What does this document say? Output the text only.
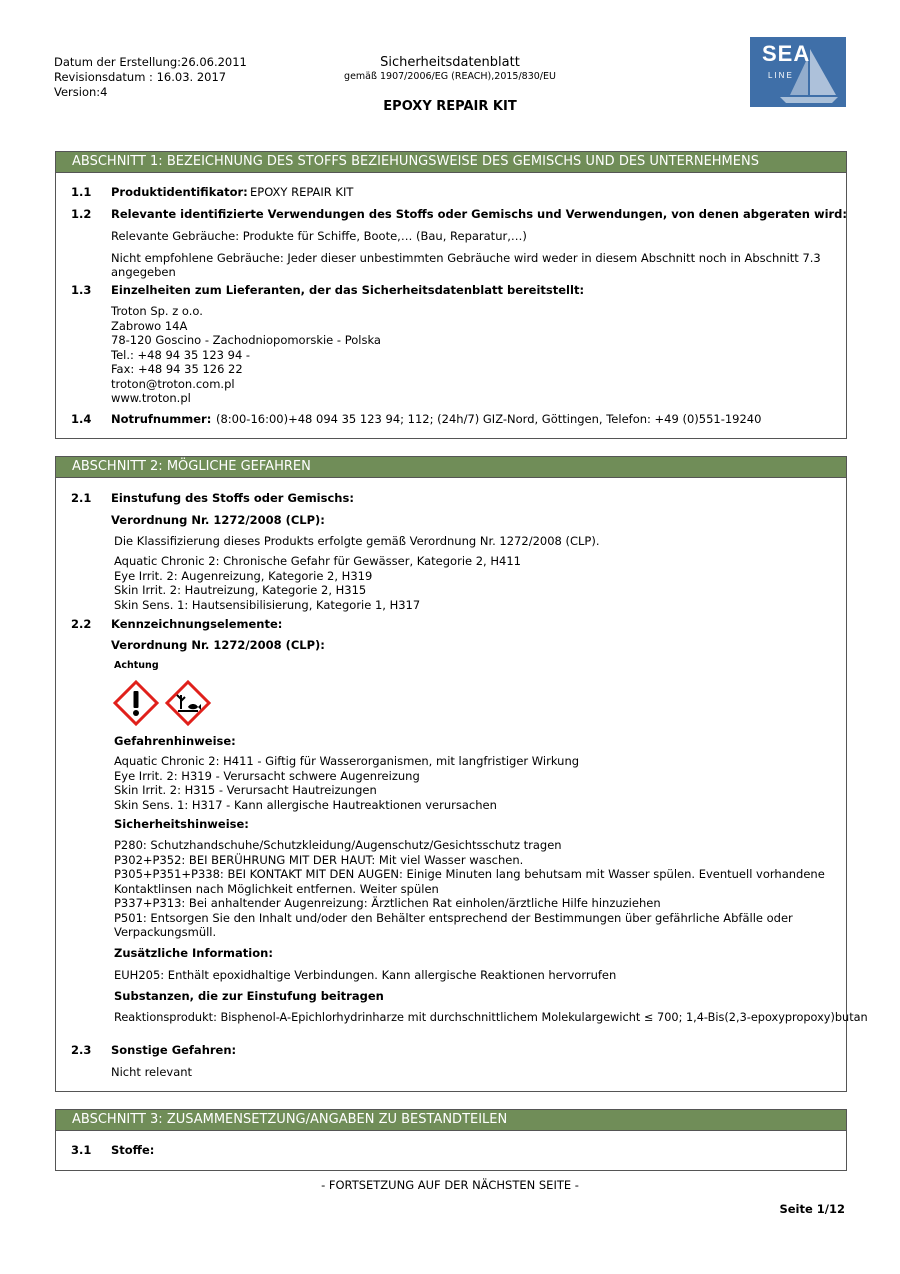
Datum der Erstellung:26.06.2011
Revisionsdatum : 16.03. 2017
Version:4
Sicherheitsdatenblatt
gemäß 1907/2006/EG (REACH),2015/830/EU
EPOXY REPAIR KIT
SEA
LINE
ABSCHNITT 1: BEZEICHNUNG DES STOFFS BEZIEHUNGSWEISE DES GEMISCHS UND DES UNTERNEHMENS
1.1 Produktidentifikator: EPOXY REPAIR KIT
1.2 Relevante identifizierte Verwendungen des Stoffs oder Gemischs und Verwendungen, von denen abgeraten wird:
Relevante Gebräuche: Produkte für Schiffe, Boote,… (Bau, Reparatur,…)
Nicht empfohlene Gebräuche: Jeder dieser unbestimmten Gebräuche wird weder in diesem Abschnitt noch in Abschnitt 7.3
angegeben
1.3 Einzelheiten zum Lieferanten, der das Sicherheitsdatenblatt bereitstellt:
Troton Sp. z o.o.
Zabrowo 14A
78-120 Goscino - Zachodniopomorskie - Polska
Tel.: +48 94 35 123 94 -
Fax: +48 94 35 126 22
troton@troton.com.pl
www.troton.pl
1.4 Notrufnummer: (8:00-16:00)+48 094 35 123 94; 112; (24h/7) GIZ-Nord, Göttingen, Telefon: +49 (0)551-19240
ABSCHNITT 2: MÖGLICHE GEFAHREN
2.1 Einstufung des Stoffs oder Gemischs:
Verordnung Nr. 1272/2008 (CLP):
Die Klassifizierung dieses Produkts erfolgte gemäß Verordnung Nr. 1272/2008 (CLP).
Aquatic Chronic 2: Chronische Gefahr für Gewässer, Kategorie 2, H411
Eye Irrit. 2: Augenreizung, Kategorie 2, H319
Skin Irrit. 2: Hautreizung, Kategorie 2, H315
Skin Sens. 1: Hautsensibilisierung, Kategorie 1, H317
2.2 Kennzeichnungselemente:
Verordnung Nr. 1272/2008 (CLP):
Achtung
Gefahrenhinweise:
Aquatic Chronic 2: H411 - Giftig für Wasserorganismen, mit langfristiger Wirkung
Eye Irrit. 2: H319 - Verursacht schwere Augenreizung
Skin Irrit. 2: H315 - Verursacht Hautreizungen
Skin Sens. 1: H317 - Kann allergische Hautreaktionen verursachen
Sicherheitshinweise:
P280: Schutzhandschuhe/Schutzkleidung/Augenschutz/Gesichtsschutz tragen
P302+P352: BEI BERÜHRUNG MIT DER HAUT: Mit viel Wasser waschen.
P305+P351+P338: BEI KONTAKT MIT DEN AUGEN: Einige Minuten lang behutsam mit Wasser spülen. Eventuell vorhandene
Kontaktlinsen nach Möglichkeit entfernen. Weiter spülen
P337+P313: Bei anhaltender Augenreizung: Ärztlichen Rat einholen/ärztliche Hilfe hinzuziehen
P501: Entsorgen Sie den Inhalt und/oder den Behälter entsprechend der Bestimmungen über gefährliche Abfälle oder
Verpackungsmüll.
Zusätzliche Information:
EUH205: Enthält epoxidhaltige Verbindungen. Kann allergische Reaktionen hervorrufen
Substanzen, die zur Einstufung beitragen
Reaktionsprodukt: Bisphenol-A-Epichlorhydrinharze mit durchschnittlichem Molekulargewicht ≤ 700; 1,4-Bis(2,3-epoxypropoxy)butan
2.3 Sonstige Gefahren:
Nicht relevant
ABSCHNITT 3: ZUSAMMENSETZUNG/ANGABEN ZU BESTANDTEILEN
3.1 Stoffe:
- FORTSETZUNG AUF DER NÄCHSTEN SEITE -
Seite 1/12
